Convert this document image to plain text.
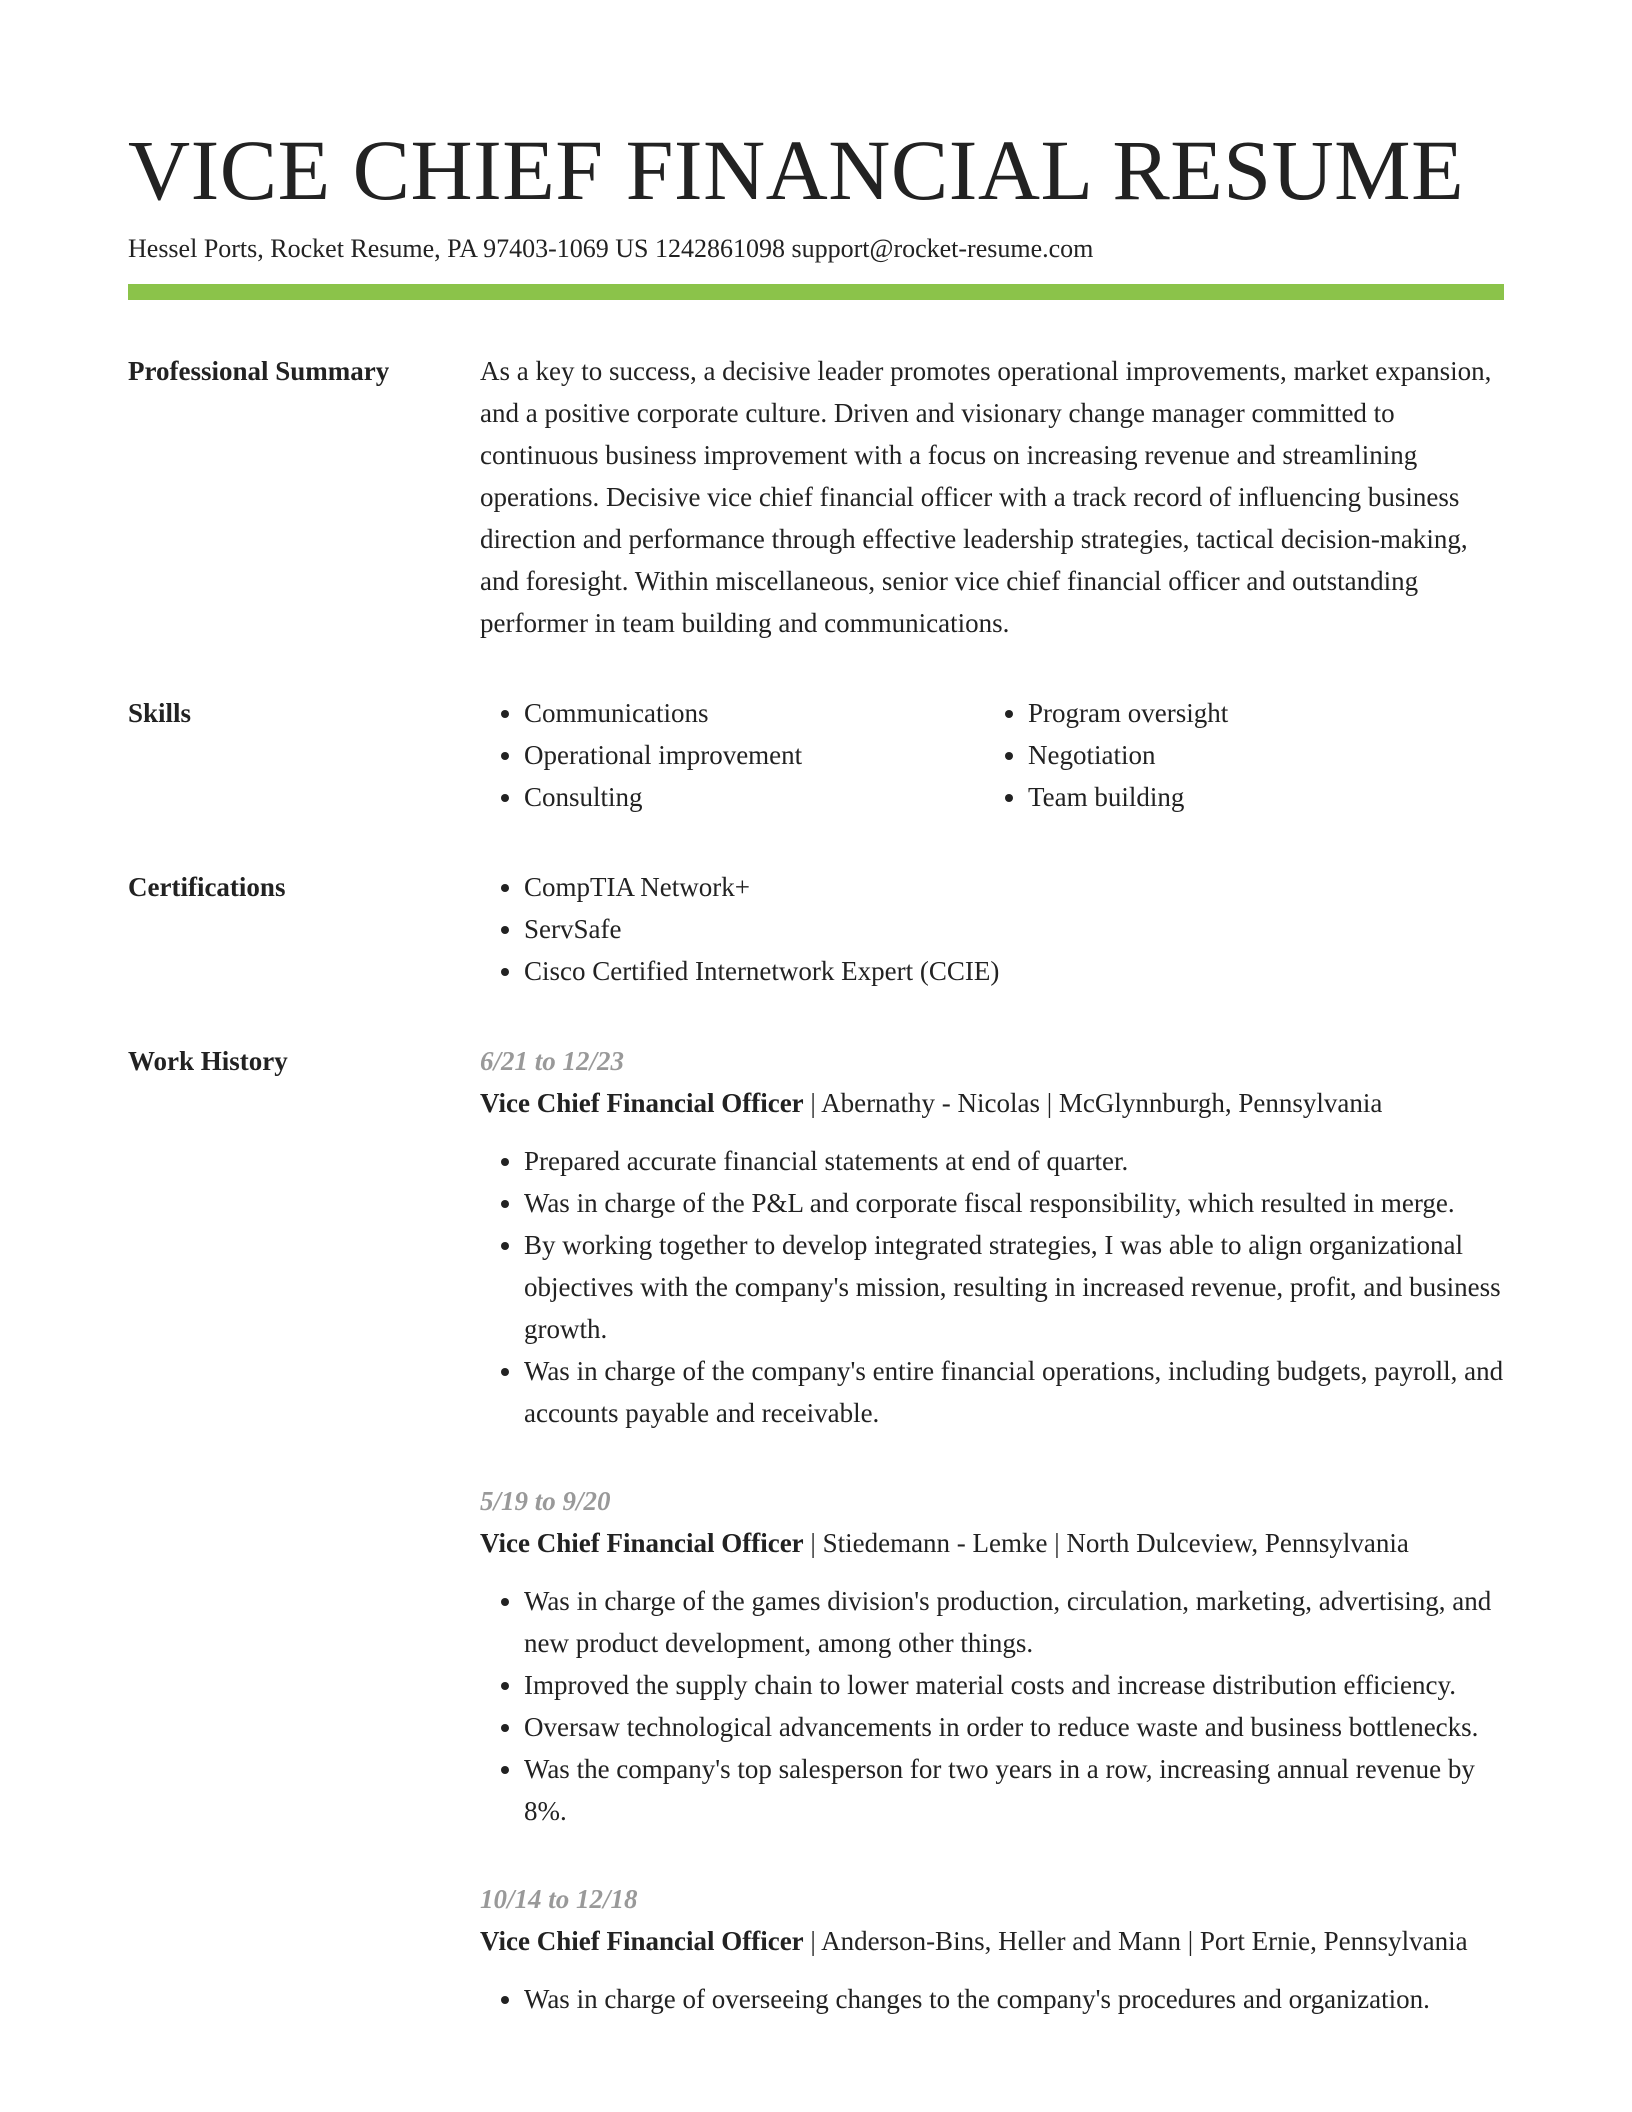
VICE CHIEF FINANCIAL RESUME
Hessel Ports, Rocket Resume, PA 97403-1069 US 1242861098 support@rocket-resume.com
Professional Summary	As a key to success, a decisive leader promotes operational improvements, market expansion, and a positive corporate culture. Driven and visionary change manager committed to continuous business improvement with a focus on increasing revenue and streamlining operations. Decisive vice chief financial officer with a track record of influencing business direction and performance through effective leadership strategies, tactical decision-making, and foresight. Within miscellaneous, senior vice chief financial officer and outstanding performer in team building and communications.

Skills	• Communications
• Operational improvement
• Consulting
• Program oversight
• Negotiation
• Team building
Certifications	• CompTIA Network+
• ServSafe
• Cisco Certified Internetwork Expert (CCIE)
Work History	6/21 to 12/23
Vice Chief Financial Officer | Abernathy - Nicolas | McGlynnburgh, Pennsylvania
• Prepared accurate financial statements at end of quarter.
• Was in charge of the P&L and corporate fiscal responsibility, which resulted in merge.
• By working together to develop integrated strategies, I was able to align organizational objectives with the company's mission, resulting in increased revenue, profit, and business growth.
• Was in charge of the company's entire financial operations, including budgets, payroll, and accounts payable and receivable.
5/19 to 9/20
Vice Chief Financial Officer | Stiedemann - Lemke | North Dulceview, Pennsylvania
• Was in charge of the games division's production, circulation, marketing, advertising, and new product development, among other things.
• Improved the supply chain to lower material costs and increase distribution efficiency.
• Oversaw technological advancements in order to reduce waste and business bottlenecks.
• Was the company's top salesperson for two years in a row, increasing annual revenue by 8%.
10/14 to 12/18
Vice Chief Financial Officer | Anderson-Bins, Heller and Mann | Port Ernie, Pennsylvania
• Was in charge of overseeing changes to the company's procedures and organization.
